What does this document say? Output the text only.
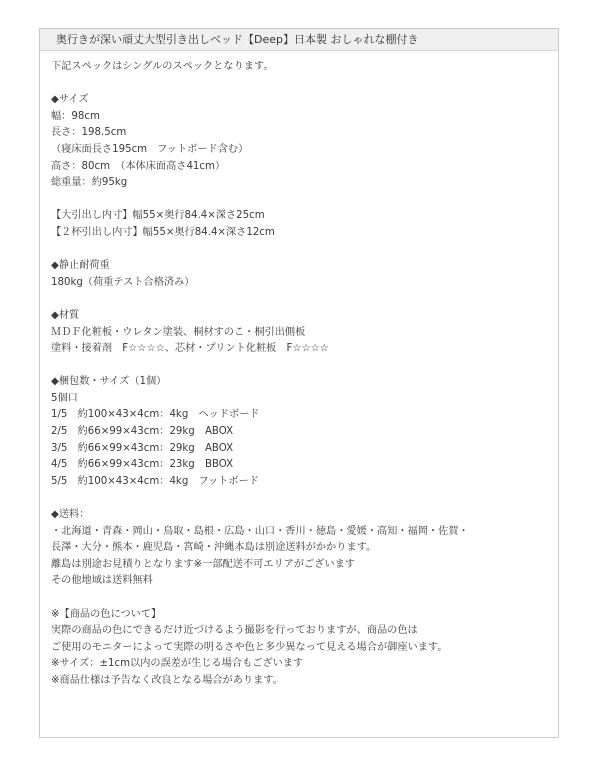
奥行きが深い頑丈大型引き出しベッド【Deep】日本製 おしゃれな棚付き
下記スペックはシングルのスペックとなります。
◆サイズ
幅：98cm
長さ：198.5cm
（寝床面長さ195cm　フットボード含む）
高さ：80cm　（本体床面高さ41cm）
総重量：約95kg
【大引出し内寸】幅55×奥行84.4×深さ25cm
【２杯引出し内寸】幅55×奥行84.4×深さ12cm
◆静止耐荷重
180kg（荷重テスト合格済み）
◆材質
ＭＤＦ化粧板・ウレタン塗装、桐材すのこ・桐引出側板
塗料・接着剤　F☆☆☆☆、芯材・プリント化粧板　F☆☆☆☆
◆梱包数・サイズ（1個）
5個口
1/5　約100×43×4cm：4kg　ヘッドボード
2/5　約66×99×43cm：29kg　ABOX
3/5　約66×99×43cm：29kg　ABOX
4/5　約66×99×43cm：23kg　BBOX
5/5　約100×43×4cm：4kg　フットボード
◆送料：
・北海道・青森・岡山・鳥取・島根・広島・山口・香川・徳島・愛媛・高知・福岡・佐賀・
長澤・大分・熊本・鹿児島・宮崎・沖縄本島は別途送料がかかります。
離島は別途お見積りとなります※一部配送不可エリアがございます
その他地域は送料無料
※【商品の色について】
実際の商品の色にできるだけ近づけるよう撮影を行っておりますが、商品の色は
ご使用のモニターによって実際の明るさや色と多少異なって見える場合が御座います。
※サイズ：±1cm以内の誤差が生じる場合もございます
※商品仕様は予告なく改良となる場合があります。
